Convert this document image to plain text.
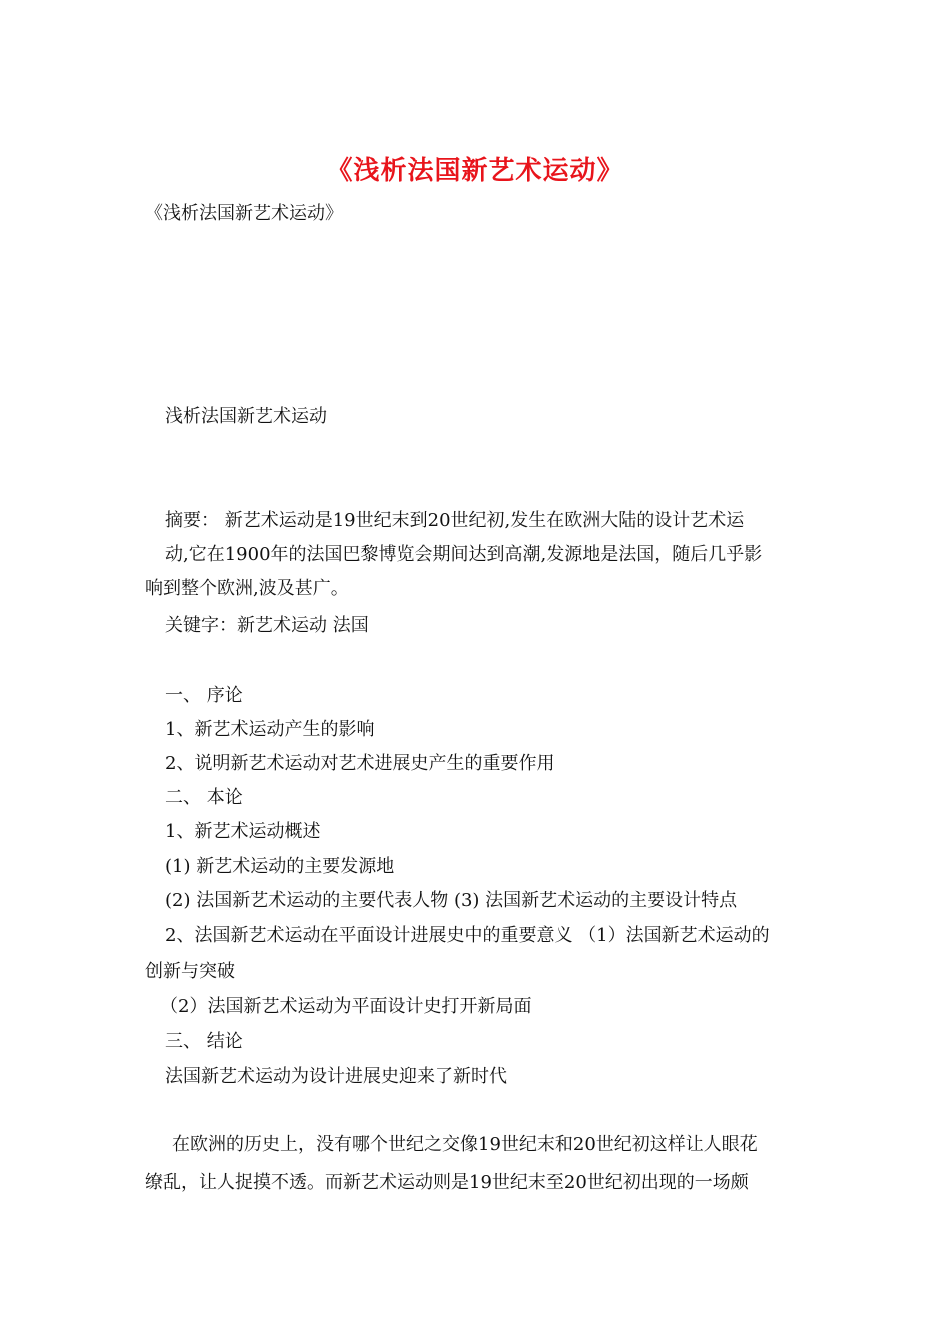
《浅析法国新艺术运动》
《浅析法国新艺术运动》
浅析法国新艺术运动
摘要： 新艺术运动是19世纪末到20世纪初,发生在欧洲大陆的设计艺术运
动,它在1900年的法国巴黎博览会期间达到高潮,发源地是法国，随后几乎影
响到整个欧洲,波及甚广。
关键字：新艺术运动 法国
一、 序论
1、新艺术运动产生的影响
2、说明新艺术运动对艺术进展史产生的重要作用
二、 本论
1、新艺术运动概述
(1) 新艺术运动的主要发源地
(2) 法国新艺术运动的主要代表人物 (3) 法国新艺术运动的主要设计特点
2、法国新艺术运动在平面设计进展史中的重要意义 （1）法国新艺术运动的
创新与突破
（2）法国新艺术运动为平面设计史打开新局面
三、 结论
法国新艺术运动为设计进展史迎来了新时代
在欧洲的历史上，没有哪个世纪之交像19世纪末和20世纪初这样让人眼花
缭乱，让人捉摸不透。而新艺术运动则是19世纪末至20世纪初出现的一场颇
